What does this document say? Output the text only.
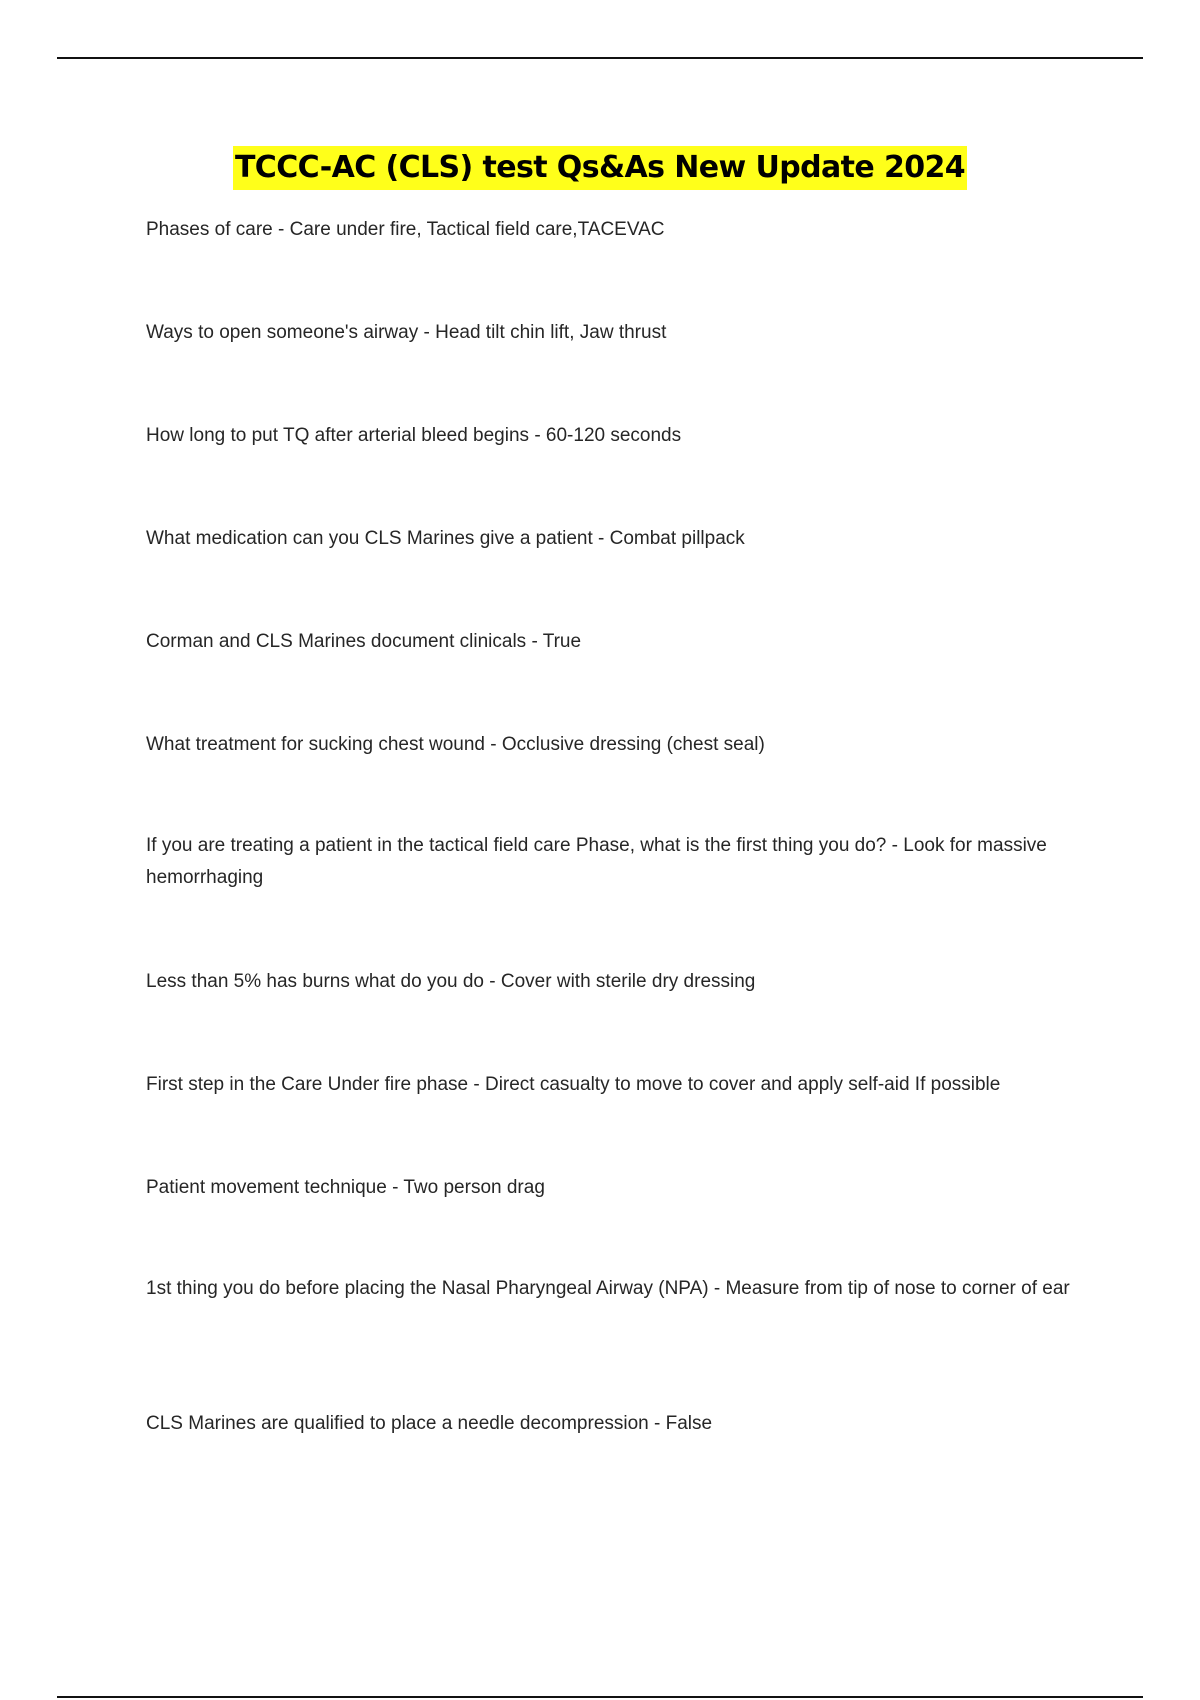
TCCC-AC (CLS) test Qs&As New Update 2024

Phases of care - Care under fire, Tactical field care,TACEVAC

Ways to open someone's airway - Head tilt chin lift, Jaw thrust

How long to put TQ after arterial bleed begins - 60-120 seconds

What medication can you CLS Marines give a patient - Combat pillpack

Corman and CLS Marines document clinicals - True

What treatment for sucking chest wound - Occlusive dressing (chest seal)

If you are treating a patient in the tactical field care Phase, what is the first thing you do? - Look for massive hemorrhaging

Less than 5% has burns what do you do - Cover with sterile dry dressing

First step in the Care Under fire phase - Direct casualty to move to cover and apply self-aid If possible

Patient movement technique - Two person drag

1st thing you do before placing the Nasal Pharyngeal Airway (NPA) - Measure from tip of nose to corner of ear

CLS Marines are qualified to place a needle decompression - False
